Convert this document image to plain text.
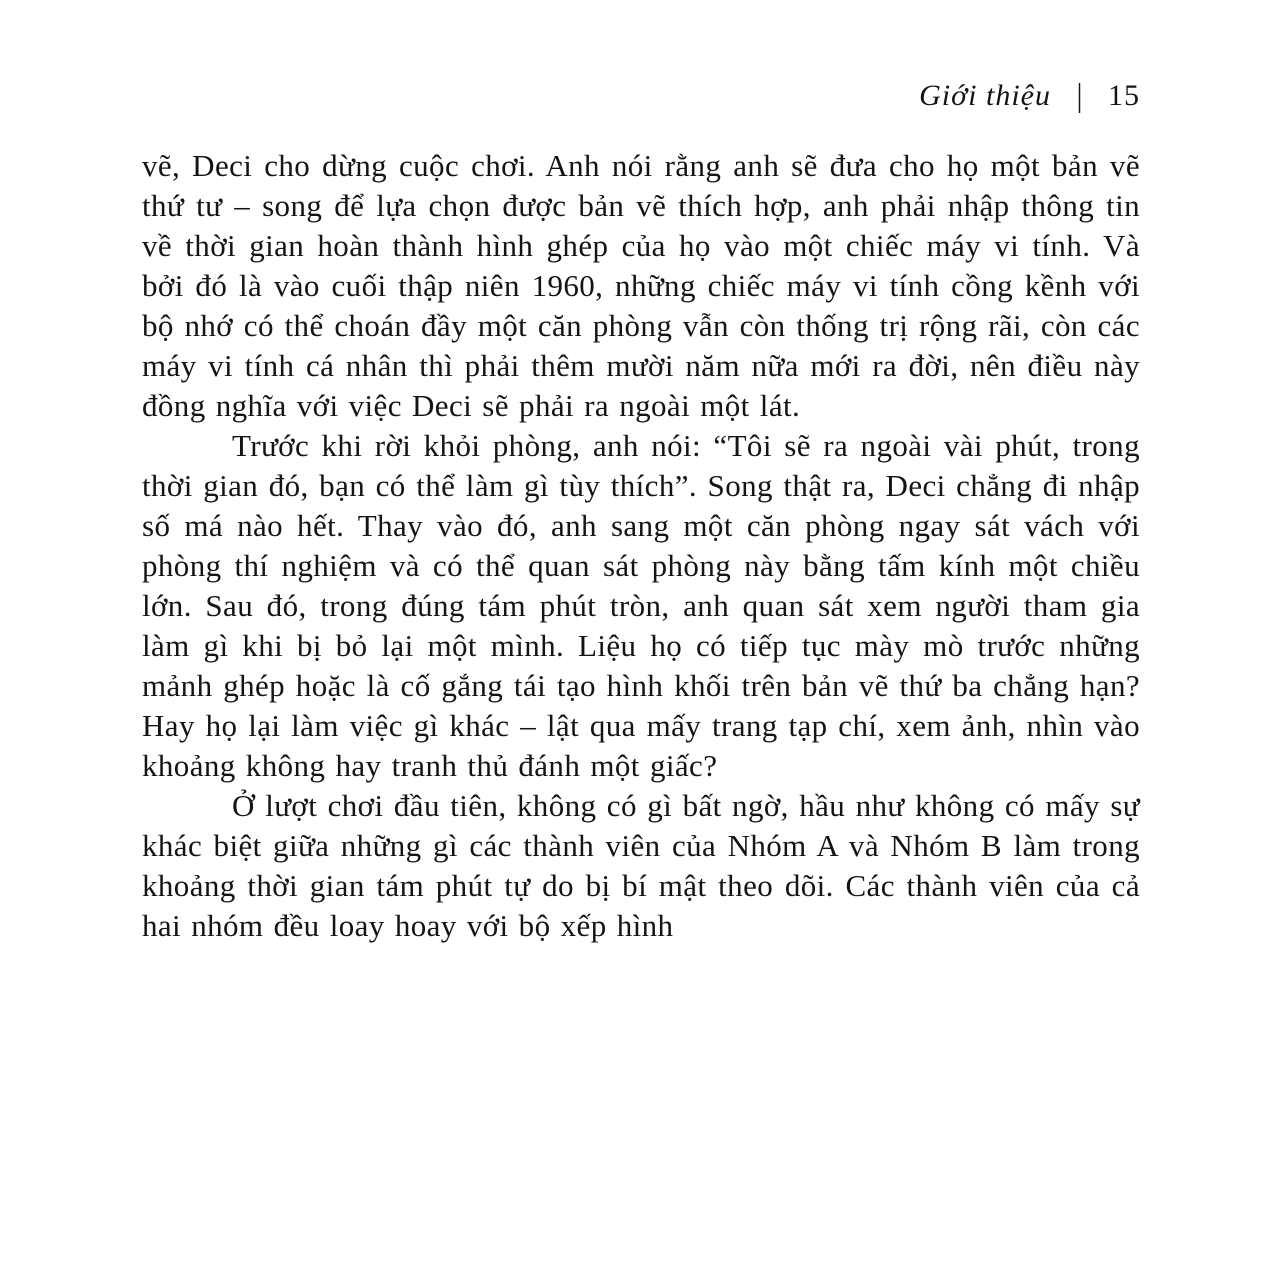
Giới thiệu | 15

vẽ, Deci cho dừng cuộc chơi. Anh nói rằng anh sẽ đưa cho họ một bản vẽ thứ tư – song để lựa chọn được bản vẽ thích hợp, anh phải nhập thông tin về thời gian hoàn thành hình ghép của họ vào một chiếc máy vi tính. Và bởi đó là vào cuối thập niên 1960, những chiếc máy vi tính cồng kềnh với bộ nhớ có thể choán đầy một căn phòng vẫn còn thống trị rộng rãi, còn các máy vi tính cá nhân thì phải thêm mười năm nữa mới ra đời, nên điều này đồng nghĩa với việc Deci sẽ phải ra ngoài một lát.

Trước khi rời khỏi phòng, anh nói: “Tôi sẽ ra ngoài vài phút, trong thời gian đó, bạn có thể làm gì tùy thích”. Song thật ra, Deci chẳng đi nhập số má nào hết. Thay vào đó, anh sang một căn phòng ngay sát vách với phòng thí nghiệm và có thể quan sát phòng này bằng tấm kính một chiều lớn. Sau đó, trong đúng tám phút tròn, anh quan sát xem người tham gia làm gì khi bị bỏ lại một mình. Liệu họ có tiếp tục mày mò trước những mảnh ghép hoặc là cố gắng tái tạo hình khối trên bản vẽ thứ ba chẳng hạn? Hay họ lại làm việc gì khác – lật qua mấy trang tạp chí, xem ảnh, nhìn vào khoảng không hay tranh thủ đánh một giấc?

Ở lượt chơi đầu tiên, không có gì bất ngờ, hầu như không có mấy sự khác biệt giữa những gì các thành viên của Nhóm A và Nhóm B làm trong khoảng thời gian tám phút tự do bị bí mật theo dõi. Các thành viên của cả hai nhóm đều loay hoay với bộ xếp hình
